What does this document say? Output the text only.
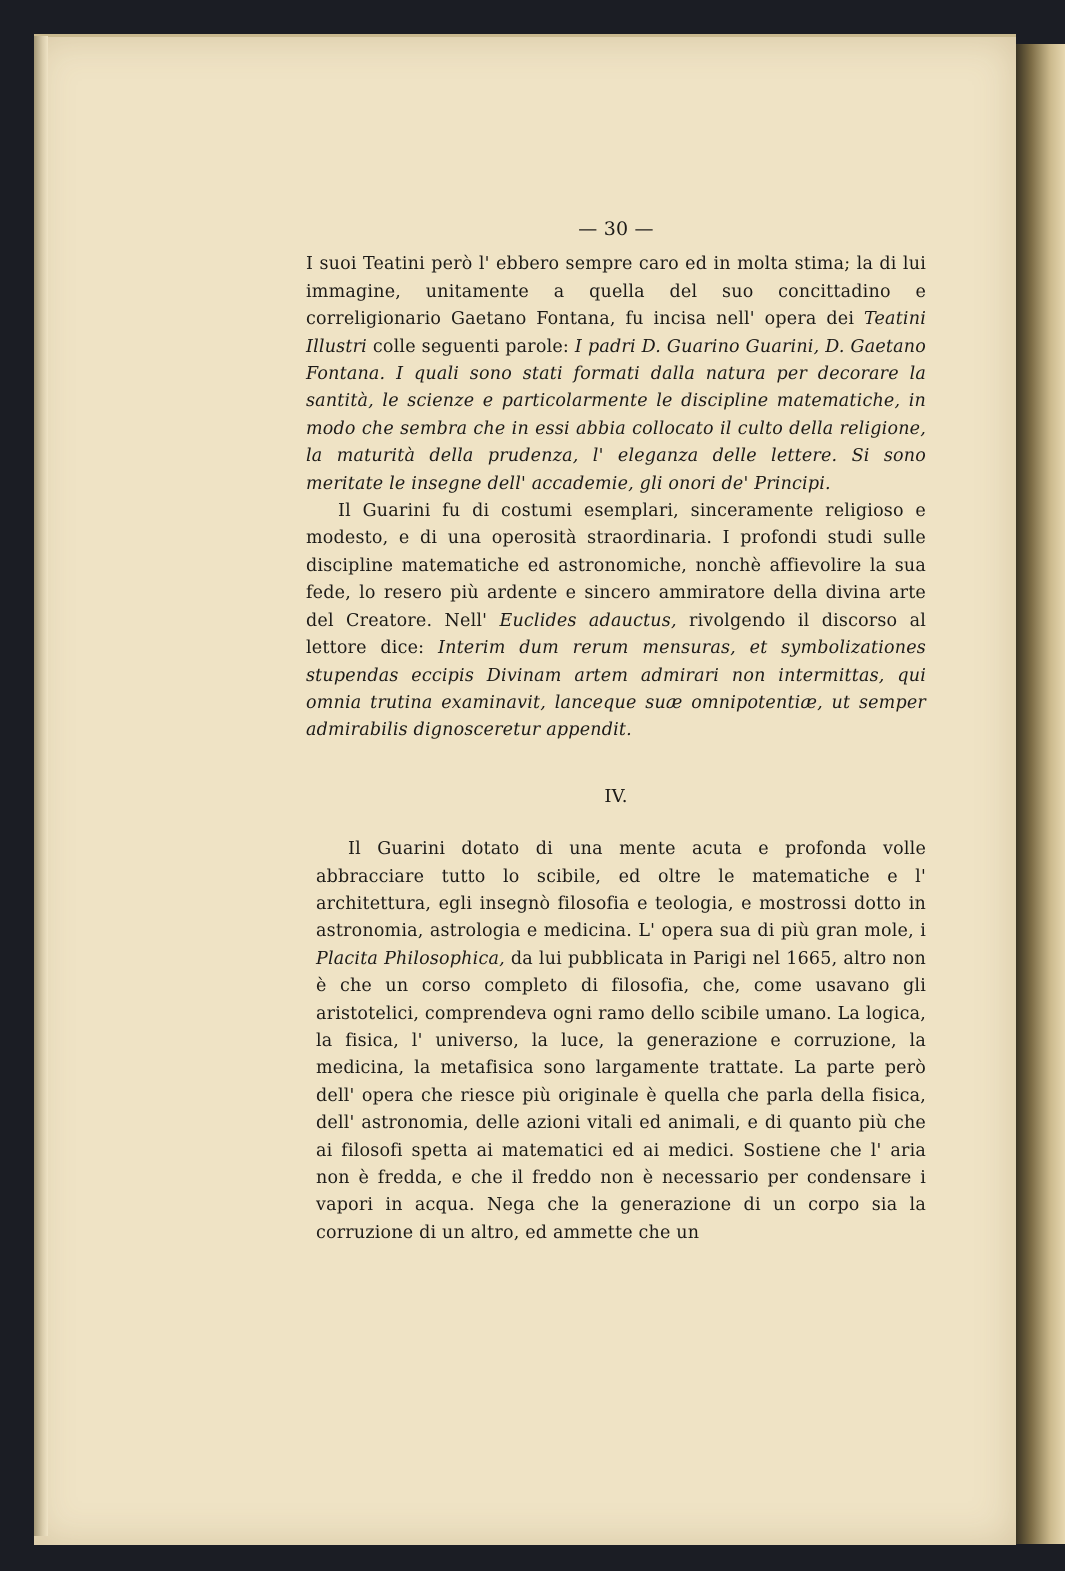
— 30 —

I suoi Teatini però l' ebbero sempre caro ed in molta stima; la di lui immagine, unitamente a quella del suo concittadino e correligionario Gaetano Fontana, fu incisa nell' opera dei Teatini Illustri colle seguenti parole: I padri D. Guarino Guarini, D. Gaetano Fontana. I quali sono stati formati dalla natura per decorare la santità, le scienze e particolarmente le discipline matematiche, in modo che sembra che in essi abbia collocato il culto della religione, la maturità della prudenza, l' eleganza delle lettere. Si sono meritate le insegne dell' accademie, gli onori de' Principi.

Il Guarini fu di costumi esemplari, sinceramente religioso e modesto, e di una operosità straordinaria. I profondi studi sulle discipline matematiche ed astronomiche, nonchè affievolire la sua fede, lo resero più ardente e sincero ammiratore della divina arte del Creatore. Nell' Euclides adauctus, rivolgendo il discorso al lettore dice: Interim dum rerum mensuras, et symbolizationes stupendas eccipis Divinam artem admirari non intermittas, qui omnia trutina examinavit, lanceque suæ omnipotentiæ, ut semper admirabilis dignosceretur appendit.

IV.

Il Guarini dotato di una mente acuta e profonda volle abbracciare tutto lo scibile, ed oltre le matematiche e l' architettura, egli insegnò filosofia e teologia, e mostrossi dotto in astronomia, astrologia e medicina. L' opera sua di più gran mole, i Placita Philosophica, da lui pubblicata in Parigi nel 1665, altro non è che un corso completo di filosofia, che, come usavano gli aristotelici, comprendeva ogni ramo dello scibile umano. La logica, la fisica, l' universo, la luce, la generazione e corruzione, la medicina, la metafisica sono largamente trattate. La parte però dell' opera che riesce più originale è quella che parla della fisica, dell' astronomia, delle azioni vitali ed animali, e di quanto più che ai filosofi spetta ai matematici ed ai medici. Sostiene che l' aria non è fredda, e che il freddo non è necessario per condensare i vapori in acqua. Nega che la generazione di un corpo sia la corruzione di un altro, ed ammette che un
